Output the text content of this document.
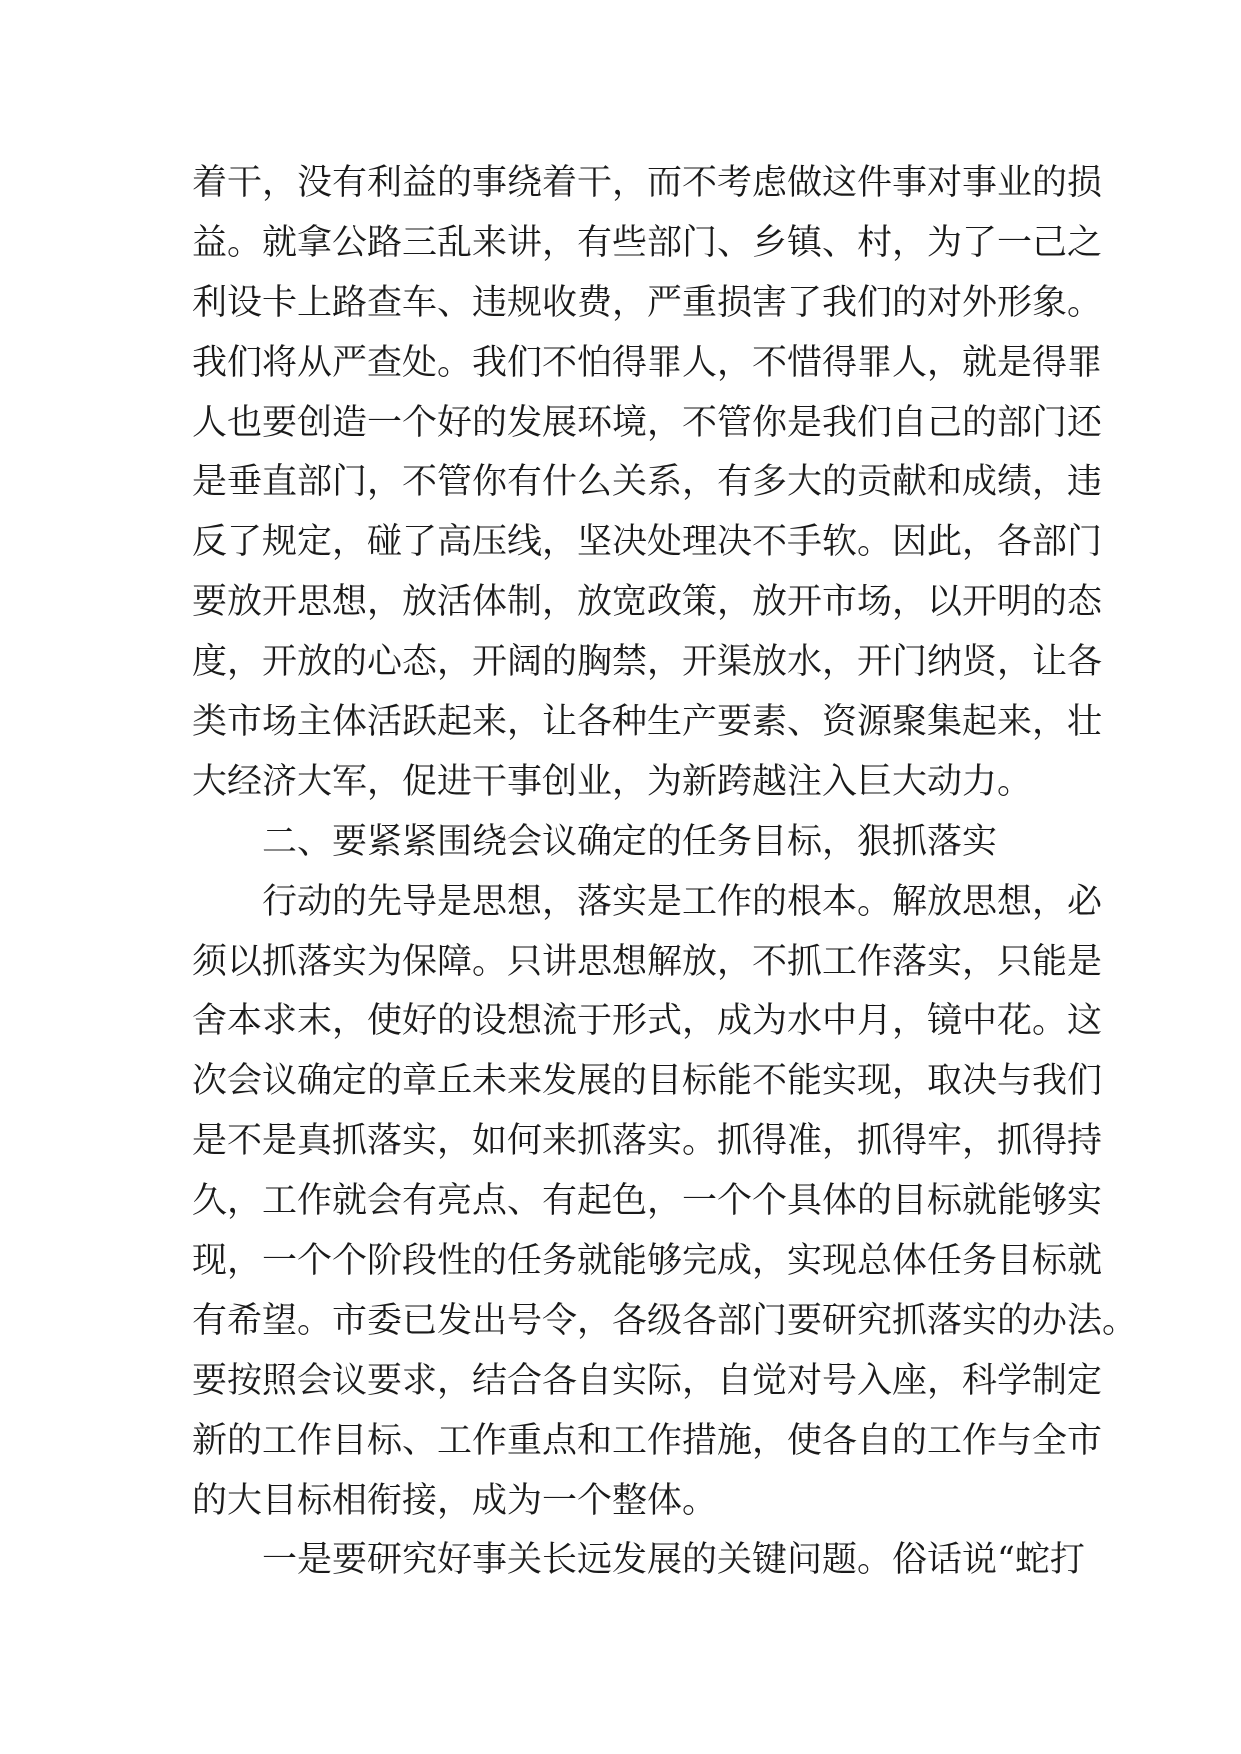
着干，没有利益的事绕着干，而不考虑做这件事对事业的损
益。就拿公路三乱来讲，有些部门、乡镇、村，为了一己之
利设卡上路查车、违规收费，严重损害了我们的对外形象。
我们将从严查处。我们不怕得罪人，不惜得罪人，就是得罪
人也要创造一个好的发展环境，不管你是我们自己的部门还
是垂直部门，不管你有什么关系，有多大的贡献和成绩，违
反了规定，碰了高压线，坚决处理决不手软。因此，各部门
要放开思想，放活体制，放宽政策，放开市场，以开明的态
度，开放的心态，开阔的胸禁，开渠放水，开门纳贤，让各
类市场主体活跃起来，让各种生产要素、资源聚集起来，壮
大经济大军，促进干事创业，为新跨越注入巨大动力。
二、要紧紧围绕会议确定的任务目标，狠抓落实
行动的先导是思想，落实是工作的根本。解放思想，必
须以抓落实为保障。只讲思想解放，不抓工作落实，只能是
舍本求末，使好的设想流于形式，成为水中月，镜中花。这
次会议确定的章丘未来发展的目标能不能实现，取决与我们
是不是真抓落实，如何来抓落实。抓得准，抓得牢，抓得持
久，工作就会有亮点、有起色，一个个具体的目标就能够实
现，一个个阶段性的任务就能够完成，实现总体任务目标就
有希望。市委已发出号令，各级各部门要研究抓落实的办法。
要按照会议要求，结合各自实际，自觉对号入座，科学制定
新的工作目标、工作重点和工作措施，使各自的工作与全市
的大目标相衔接，成为一个整体。
一是要研究好事关长远发展的关键问题。俗话说“蛇打
